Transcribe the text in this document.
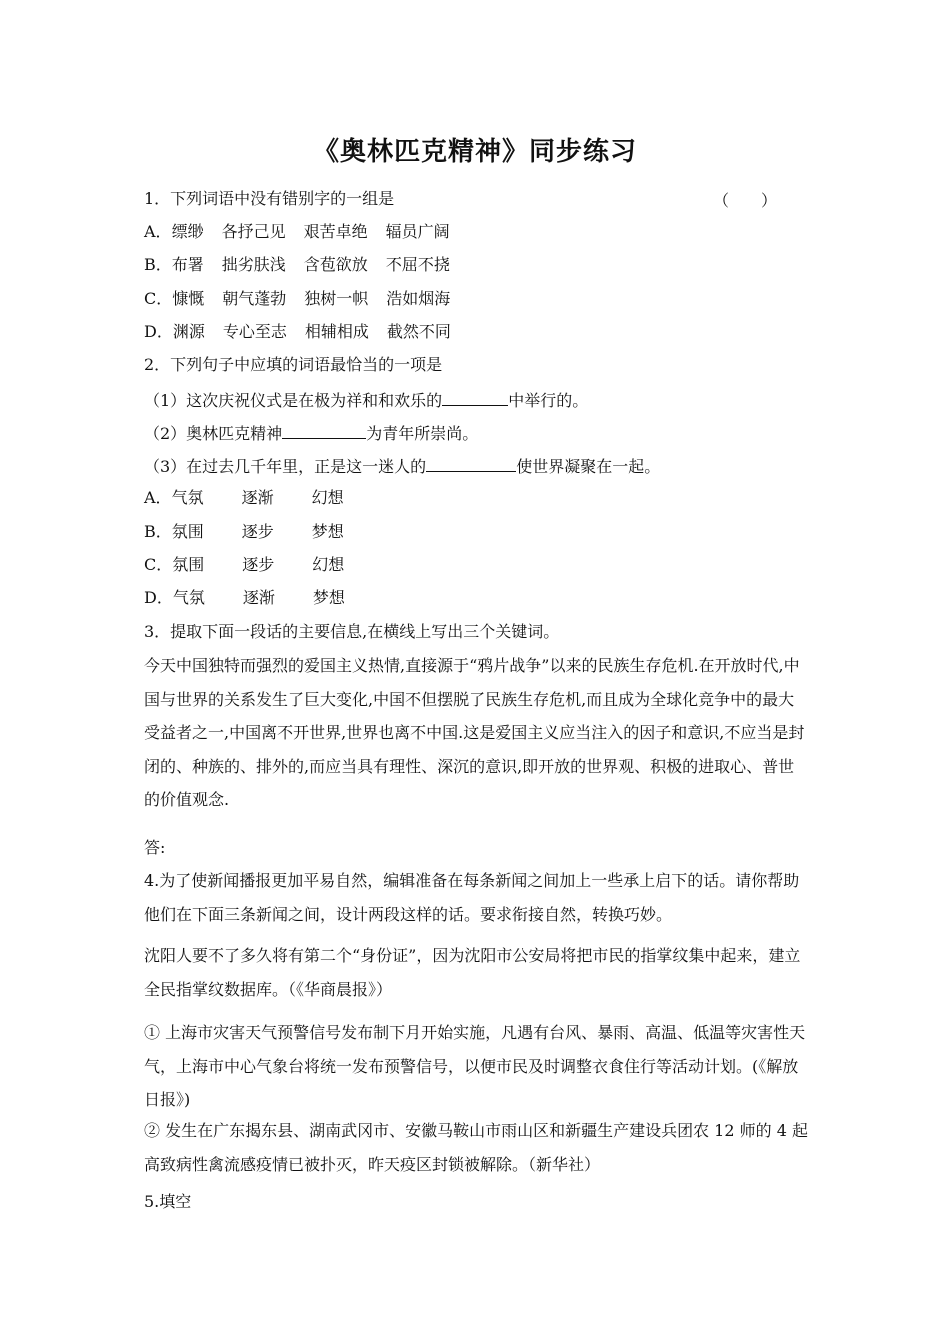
《奥林匹克精神》同步练习
1．下列词语中没有错别字的一组是	（　　）
A．缥缈 各抒己见 艰苦卓绝 辐员广阔
B．布署 拙劣肤浅 含苞欲放 不屈不挠
C．慷慨 朝气蓬勃 独树一帜 浩如烟海
D．渊源 专心至志 相辅相成 截然不同
2．下列句子中应填的词语最恰当的一项是
（1）这次庆祝仪式是在极为祥和和欢乐的	中举行的。
（2）奥林匹克精神	为青年所崇尚。
（3）在过去几千年里，正是这一迷人的	使世界凝聚在一起。
A．气氛 逐渐 幻想
B．氛围 逐步 梦想
C．氛围 逐步 幻想
D．气氛 逐渐 梦想
3．提取下面一段话的主要信息,在横线上写出三个关键词。
今天中国独特而强烈的爱国主义热情,直接源于“鸦片战争”以来的民族生存危机.在开放时代,中国与世界的关系发生了巨大变化,中国不但摆脱了民族生存危机,而且成为全球化竞争中的最大受益者之一,中国离不开世界,世界也离不中国.这是爱国主义应当注入的因子和意识,不应当是封闭的、种族的、排外的,而应当具有理性、深沉的意识,即开放的世界观、积极的进取心、普世的价值观念.
答:
4.为了使新闻播报更加平易自然，编辑准备在每条新闻之间加上一些承上启下的话。请你帮助他们在下面三条新闻之间，设计两段这样的话。要求衔接自然，转换巧妙。
沈阳人要不了多久将有第二个“身份证”，因为沈阳市公安局将把市民的指掌纹集中起来，建立全民指掌纹数据库。（《华商晨报》）
① 上海市灾害天气预警信号发布制下月开始实施，凡遇有台风、暴雨、高温、低温等灾害性天气，上海市中心气象台将统一发布预警信号，以便市民及时调整衣食住行等活动计划。(《解放日报》)
② 发生在广东揭东县、湖南武冈市、安徽马鞍山市雨山区和新疆生产建设兵团农 12 师的 4 起高致病性禽流感疫情已被扑灭，昨天疫区封锁被解除。（新华社）
5.填空
